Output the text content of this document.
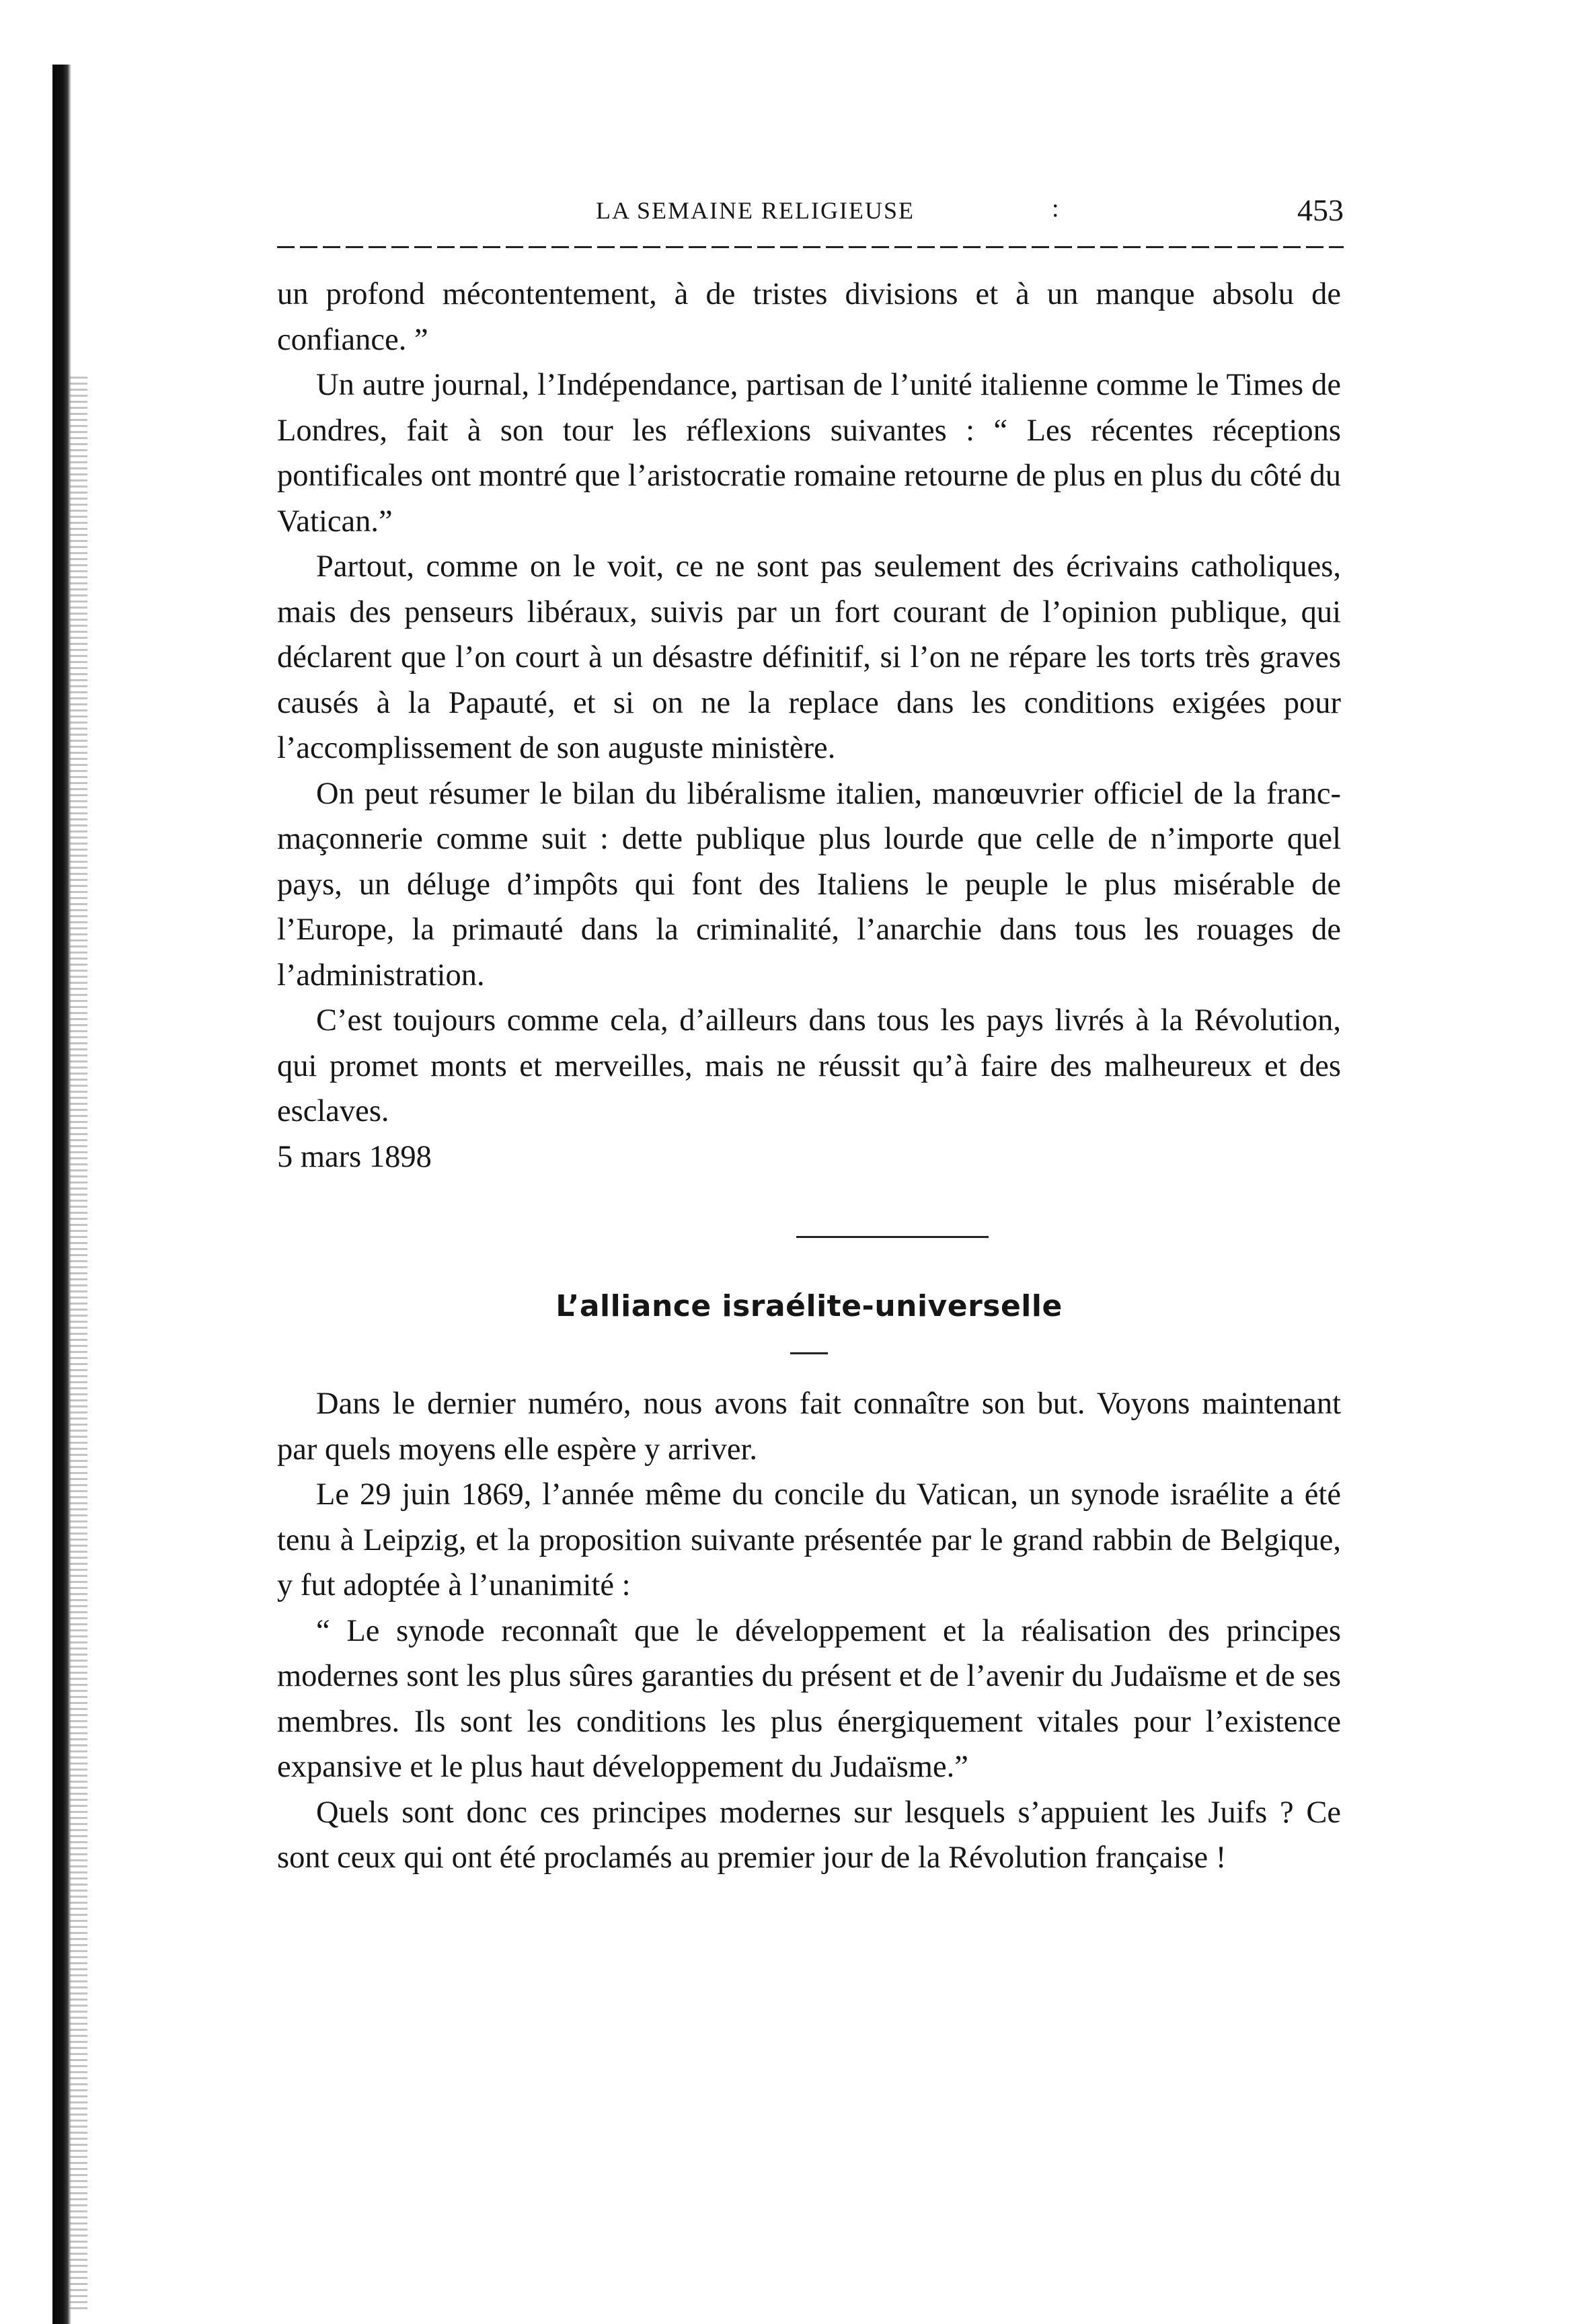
LA SEMAINE RELIGIEUSE	:	453

un profond mécontentement, à de tristes divisions et à un manque absolu de confiance. ”

Un autre journal, l’Indépendance, partisan de l’unité italienne comme le Times de Londres, fait à son tour les réflexions suivantes : “ Les récentes réceptions pontificales ont montré que l’aristocratie romaine retourne de plus en plus du côté du Vatican.”

Partout, comme on le voit, ce ne sont pas seulement des écrivains catholiques, mais des penseurs libéraux, suivis par un fort courant de l’opinion publique, qui déclarent que l’on court à un désastre définitif, si l’on ne répare les torts très graves causés à la Papauté, et si on ne la replace dans les conditions exigées pour l’accomplissement de son auguste ministère.

On peut résumer le bilan du libéralisme italien, manœuvrier officiel de la franc-maçonnerie comme suit : dette publique plus lourde que celle de n’importe quel pays, un déluge d’impôts qui font des Italiens le peuple le plus misérable de l’Europe, la primauté dans la criminalité, l’anarchie dans tous les rouages de l’administration.

C’est toujours comme cela, d’ailleurs dans tous les pays livrés à la Révolution, qui promet monts et merveilles, mais ne réussit qu’à faire des malheureux et des esclaves.

5 mars 1898

L’alliance israélite-universelle

Dans le dernier numéro, nous avons fait connaître son but. Voyons maintenant par quels moyens elle espère y arriver.

Le 29 juin 1869, l’année même du concile du Vatican, un synode israélite a été tenu à Leipzig, et la proposition suivante présentée par le grand rabbin de Belgique, y fut adoptée à l’unanimité :

“ Le synode reconnaît que le développement et la réalisation des principes modernes sont les plus sûres garanties du présent et de l’avenir du Judaïsme et de ses membres. Ils sont les conditions les plus énergiquement vitales pour l’existence expansive et le plus haut développement du Judaïsme.”

Quels sont donc ces principes modernes sur lesquels s’appuient les Juifs ? Ce sont ceux qui ont été proclamés au premier jour de la Révolution française !
